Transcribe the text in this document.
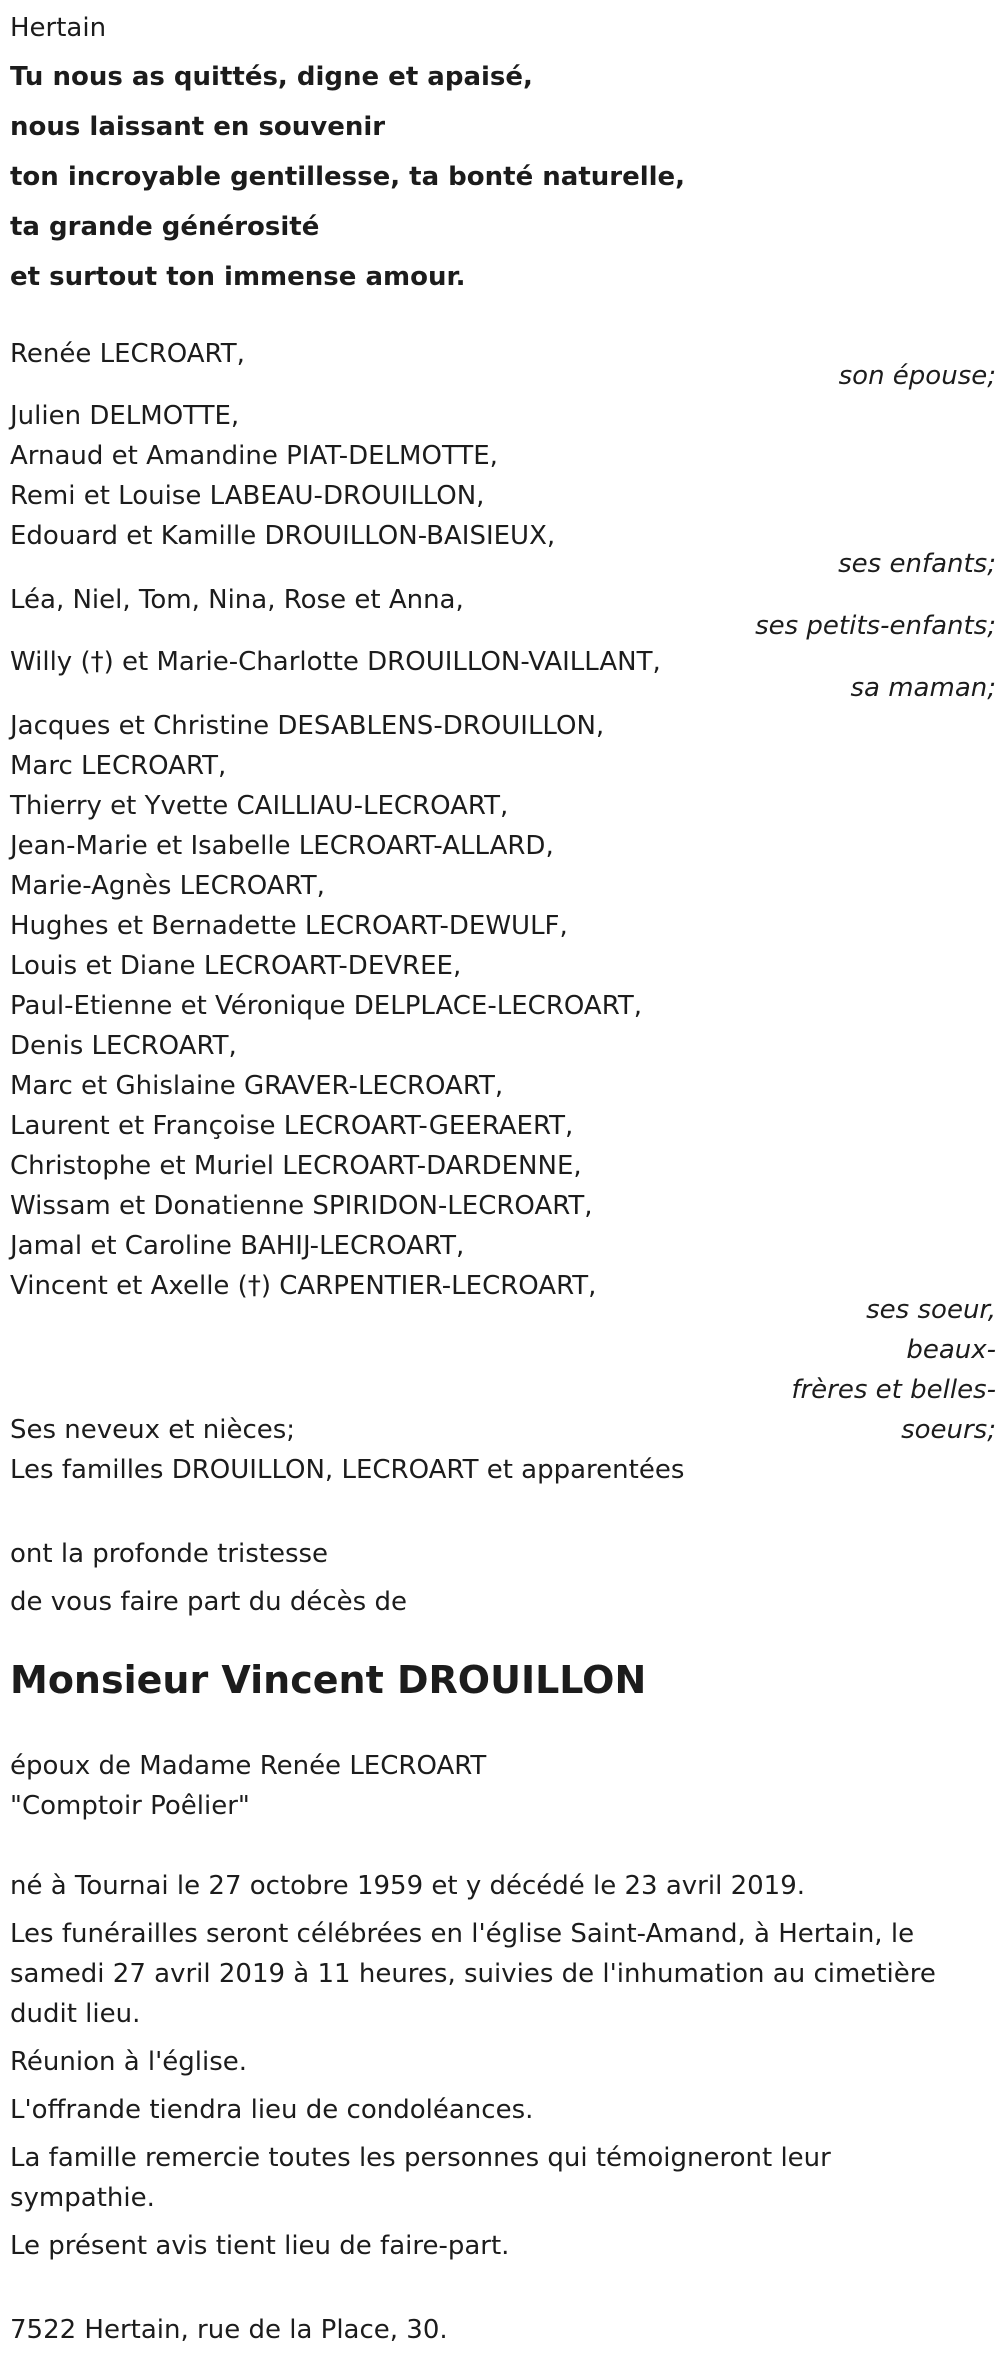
Hertain
Tu nous as quittés, digne et apaisé,
nous laissant en souvenir
ton incroyable gentillesse, ta bonté naturelle,
ta grande générosité
et surtout ton immense amour.
Renée LECROART,
son épouse;
Julien DELMOTTE,
Arnaud et Amandine PIAT-DELMOTTE,
Remi et Louise LABEAU-DROUILLON,
Edouard et Kamille DROUILLON-BAISIEUX,
ses enfants;
Léa, Niel, Tom, Nina, Rose et Anna,
ses petits-enfants;
Willy (†) et Marie-Charlotte DROUILLON-VAILLANT,
sa maman;
Jacques et Christine DESABLENS-DROUILLON,
Marc LECROART,
Thierry et Yvette CAILLIAU-LECROART,
Jean-Marie et Isabelle LECROART-ALLARD,
Marie-Agnès LECROART,
Hughes et Bernadette LECROART-DEWULF,
Louis et Diane LECROART-DEVREE,
Paul-Etienne et Véronique DELPLACE-LECROART,
Denis LECROART,
Marc et Ghislaine GRAVER-LECROART,
Laurent et Françoise LECROART-GEERAERT,
Christophe et Muriel LECROART-DARDENNE,
Wissam et Donatienne SPIRIDON-LECROART,
Jamal et Caroline BAHIJ-LECROART,
Vincent et Axelle (†) CARPENTIER-LECROART,
ses soeur, beaux-
frères et belles-
soeurs;
Ses neveux et nièces;
Les familles DROUILLON, LECROART et apparentées
ont la profonde tristesse
de vous faire part du décès de
Monsieur Vincent DROUILLON
époux de Madame Renée LECROART
"Comptoir Poêlier"
né à Tournai le 27 octobre 1959 et y décédé le 23 avril 2019.
Les funérailles seront célébrées en l'église Saint-Amand, à Hertain, le samedi 27 avril 2019 à 11 heures, suivies de l'inhumation au cimetière dudit lieu.
Réunion à l'église.
L'offrande tiendra lieu de condoléances.
La famille remercie toutes les personnes qui témoigneront leur sympathie.
Le présent avis tient lieu de faire-part.
7522 Hertain, rue de la Place, 30.
